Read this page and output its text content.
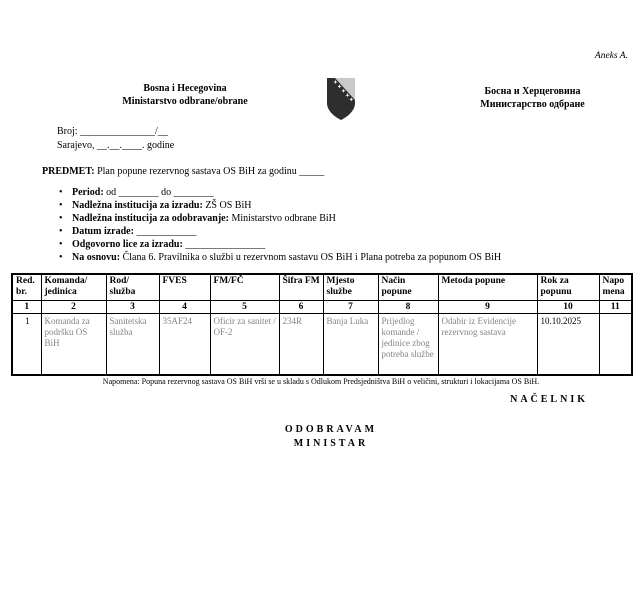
Aneks A.
Bosna i Hecegovina
Ministarstvo odbrane/obrane
Босна и Херцеговина
Министарство одбране
Broj: _______________/__
Sarajevo, __.__.____. godine
PREDMET: Plan popune rezervnog sastava OS BiH za godinu _____
• Period: od ________ do ________
• Nadležna institucija za izradu: ZŠ OS BiH
• Nadležna institucija za odobravanje: Ministarstvo odbrane BiH
• Datum izrade: ____________
• Odgovorno lice za izradu: ________________
• Na osnovu: Člana 6. Pravilnika o službi u rezervnom sastavu OS BiH i Plana potreba za popunom OS BiH
Red. br.	Komanda/ jedinica	Rod/ služba	FVES	FM/FČ	Šifra FM	Mjesto službe	Način popune	Metoda popune	Rok za popunu	Napo mena
1	2	3	4	5	6	7	8	9	10	11
1	Komanda za podršku OS BiH	Sanitetska služba	35AF24	Oficir za sanitet / OF-2	234R	Banja Luka	Prijedlog komande / jedinice zbog potreba službe	Odabir iz Evidencije rezervnog sastava	10.10.2025	
Napomena: Popuna rezervnog sastava OS BiH vrši se u skladu s Odlukom Predsjedništva BiH o veličini, strukturi i lokacijama OS BiH.
NAČELNIK
ODOBRAVAM
MINISTAR
